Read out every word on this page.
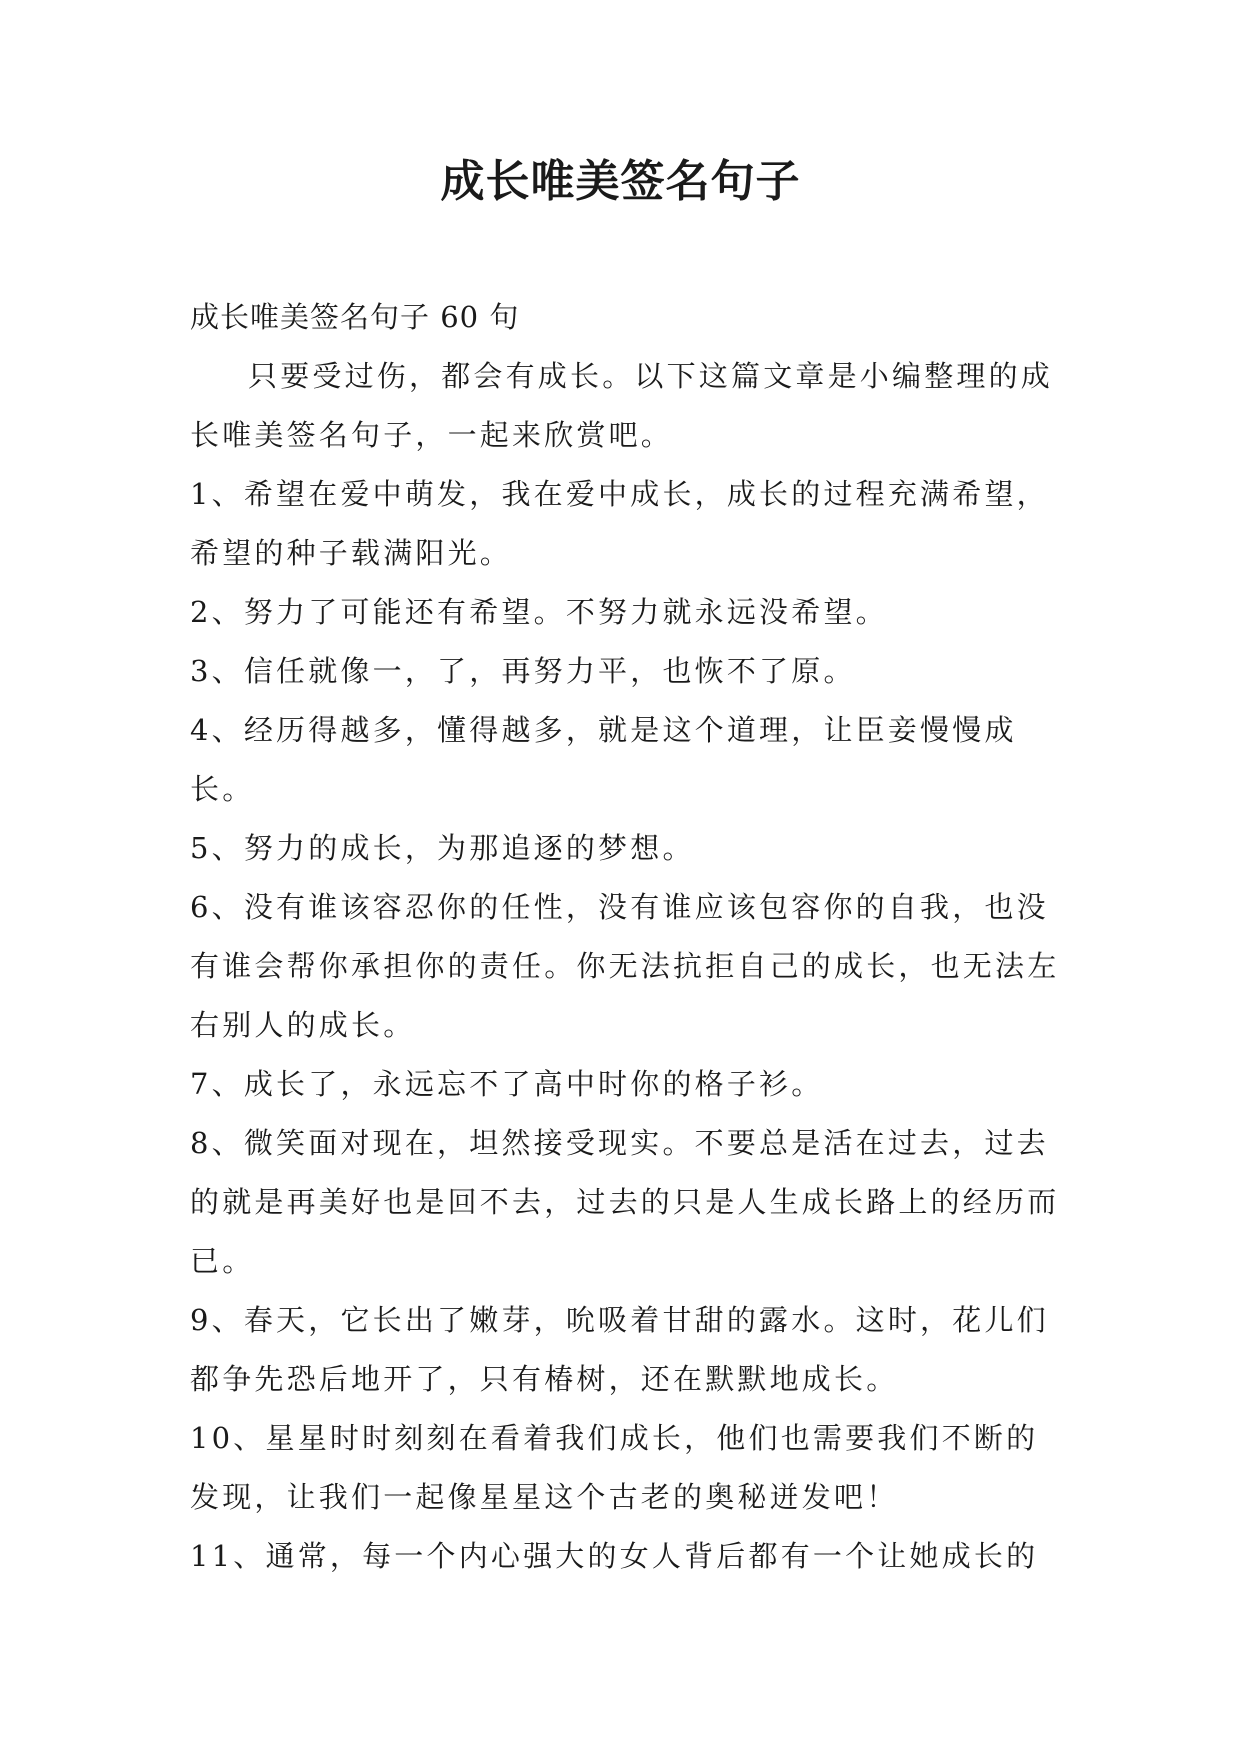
成长唯美签名句子

成长唯美签名句子 60 句

只要受过伤，都会有成长。以下这篇文章是小编整理的成长唯美签名句子，一起来欣赏吧。

1、希望在爱中萌发，我在爱中成长，成长的过程充满希望，希望的种子载满阳光。

2、努力了可能还有希望。不努力就永远没希望。

3、信任就像一，了，再努力平，也恢不了原。

4、经历得越多，懂得越多，就是这个道理，让臣妾慢慢成长。

5、努力的成长，为那追逐的梦想。

6、没有谁该容忍你的任性，没有谁应该包容你的自我，也没有谁会帮你承担你的责任。你无法抗拒自己的成长，也无法左右别人的成长。

7、成长了，永远忘不了高中时你的格子衫。

8、微笑面对现在，坦然接受现实。不要总是活在过去，过去的就是再美好也是回不去，过去的只是人生成长路上的经历而已。

9、春天，它长出了嫩芽，吮吸着甘甜的露水。这时，花儿们都争先恐后地开了，只有椿树，还在默默地成长。

10、星星时时刻刻在看着我们成长，他们也需要我们不断的发现，让我们一起像星星这个古老的奥秘迸发吧！

11、通常，每一个内心强大的女人背后都有一个让她成长的
